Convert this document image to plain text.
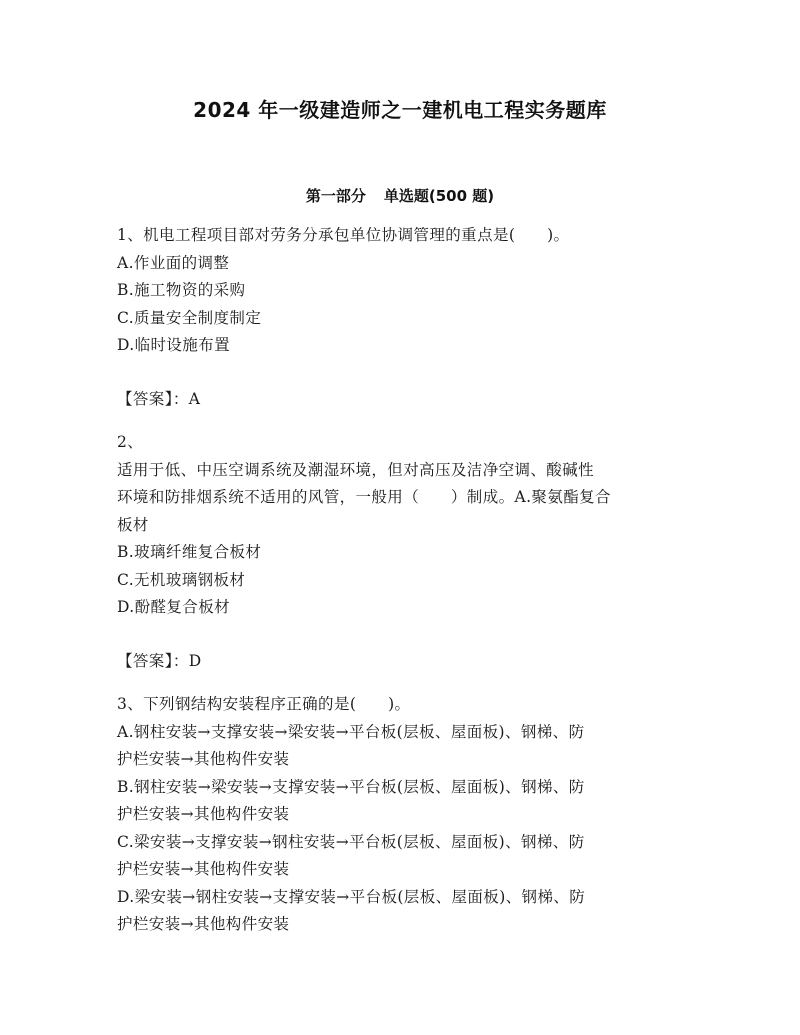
2024 年一级建造师之一建机电工程实务题库
第一部分 单选题(500 题)
1、机电工程项目部对劳务分承包单位协调管理的重点是(　　)。
A.作业面的调整
B.施工物资的采购
C.质量安全制度制定
D.临时设施布置
【答案】：A
2、
适用于低、中压空调系统及潮湿环境，但对高压及洁净空调、酸碱性
环境和防排烟系统不适用的风管，一般用（　　）制成。A.聚氨酯复合
板材
B.玻璃纤维复合板材
C.无机玻璃钢板材
D.酚醛复合板材
【答案】：D
3、下列钢结构安装程序正确的是(　　)。
A.钢柱安装→支撑安装→梁安装→平台板(层板、屋面板)、钢梯、防
护栏安装→其他构件安装
B.钢柱安装→梁安装→支撑安装→平台板(层板、屋面板)、钢梯、防
护栏安装→其他构件安装
C.梁安装→支撑安装→钢柱安装→平台板(层板、屋面板)、钢梯、防
护栏安装→其他构件安装
D.梁安装→钢柱安装→支撑安装→平台板(层板、屋面板)、钢梯、防
护栏安装→其他构件安装
